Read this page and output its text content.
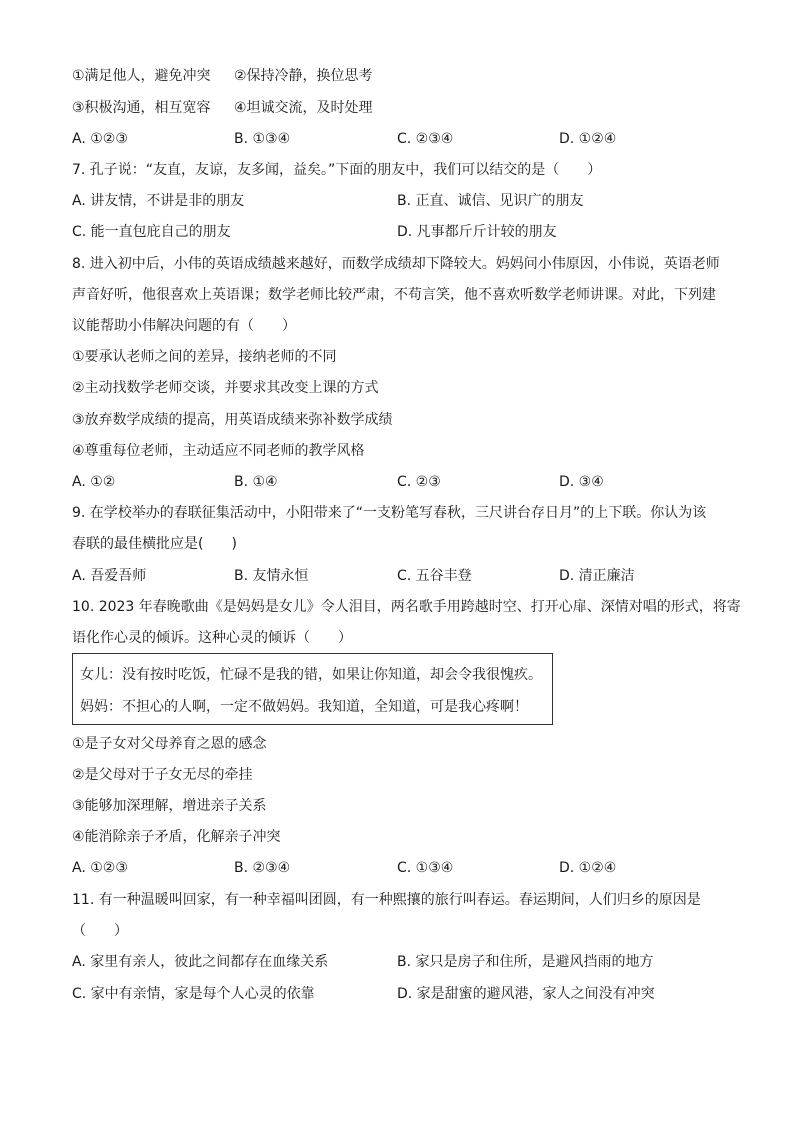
①满足他人，避免冲突 ②保持冷静，换位思考
③积极沟通，相互宽容 ④坦诚交流，及时处理
A. ①②③	B. ①③④	C. ②③④	D. ①②④
7. 孔子说：“友直，友谅，友多闻，益矣。”下面的朋友中，我们可以结交的是（　　）
A. 讲友情，不讲是非的朋友	B. 正直、诚信、见识广的朋友
C. 能一直包庇自己的朋友	D. 凡事都斤斤计较的朋友
8. 进入初中后，小伟的英语成绩越来越好，而数学成绩却下降较大。妈妈问小伟原因，小伟说，英语老师
声音好听，他很喜欢上英语课；数学老师比较严肃，不苟言笑，他不喜欢听数学老师讲课。对此，下列建
议能帮助小伟解决问题的有（　　）
①要承认老师之间的差异，接纳老师的不同
②主动找数学老师交谈，并要求其改变上课的方式
③放弃数学成绩的提高，用英语成绩来弥补数学成绩
④尊重每位老师，主动适应不同老师的教学风格
A. ①②	B. ①④	C. ②③	D. ③④
9. 在学校举办的春联征集活动中，小阳带来了“一支粉笔写春秋，三尺讲台存日月”的上下联。你认为该
春联的最佳横批应是(　　)
A. 吾爱吾师	B. 友情永恒	C. 五谷丰登	D. 清正廉洁
10. 2023 年春晚歌曲《是妈妈是女儿》令人泪目，两名歌手用跨越时空、打开心扉、深情对唱的形式，将寄
语化作心灵的倾诉。这种心灵的倾诉（　　）
女儿：没有按时吃饭，忙碌不是我的错，如果让你知道，却会令我很愧疚。
妈妈：不担心的人啊，一定不做妈妈。我知道，全知道，可是我心疼啊！
①是子女对父母养育之恩的感念
②是父母对于子女无尽的牵挂
③能够加深理解，增进亲子关系
④能消除亲子矛盾，化解亲子冲突
A. ①②③	B. ②③④	C. ①③④	D. ①②④
11. 有一种温暖叫回家，有一种幸福叫团圆，有一种熙攘的旅行叫春运。春运期间，人们归乡的原因是
（　　）
A. 家里有亲人，彼此之间都存在血缘关系	B. 家只是房子和住所，是避风挡雨的地方
C. 家中有亲情，家是每个人心灵的依靠	D. 家是甜蜜的避风港，家人之间没有冲突
